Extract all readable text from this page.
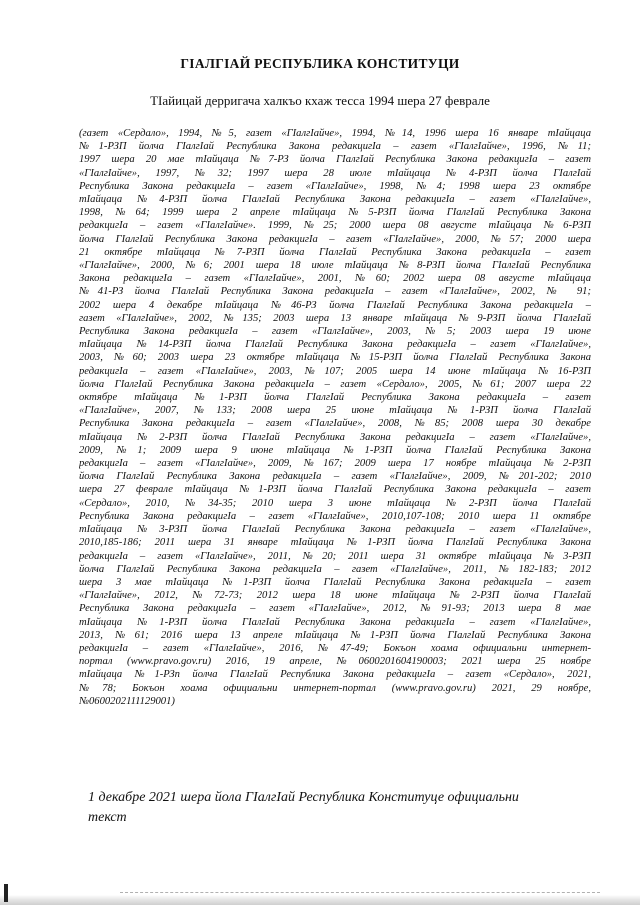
ГIАЛГIАЙ РЕСПУБЛИКА КОНСТИТУЦИ
ТIайицай дерригача халкъо кхаж тесса 1994 шера 27 феврале
(газет «Сердало», 1994, №5, газет «ГIалгIайче», 1994, №14, 1996 шера 16 январе тIайцаца
№1-РЗП йолча ГIалгIай Республика Закона редакцигIа – газет «ГIалгIайче», 1996, №11;
1997 шера 20 мае тIайцаца №7-РЗ йолча ГIалгIай Республика Закона редакцигIа – газет
«ГIалгIайче», 1997, №32; 1997 шера 28 июле тIайцаца №4-РЗП йолча ГIалгIай
Республика Закона редакцигIа – газет «ГIалгIайче», 1998, №4; 1998 шера 23 октябре
тIайцаца №4-РЗП йолча ГIалгIай Республика Закона редакцигIа – газет «ГIалгIайче»,
1998, №64; 1999 шера 2 апреле тIайцаца №5-РЗП йолча ГIалгIай Республика Закона
редакцигIа – газет «ГIалгIайче». 1999, №25; 2000 шера 08 августе тIайцаца №6-РЗП
йолча ГIалгIай Республика Закона редакцигIа – газет «ГIалгIайче», 2000, №57; 2000 шера
21 октябре тIайцаца №7-РЗП йолча ГIалгIай Республика Закона редакцигIа – газет
«ГIалгIайче», 2000, №6; 2001 шера 18 июле тIайцаца №8-РЗП йолча ГIалгIай Республика
Закона редакцигIа – газет «ГIалгIайче», 2001, №60; 2002 шера 08 августе тIайцаца
№41-РЗ йолча ГIалгIай Республика Закона редакцигIа – газет «ГIалгIайче», 2002, № 91;
2002 шера 4 декабре тIайцаца №46-РЗ йолча ГIалгIай Республика Закона редакцигIа –
газет «ГIалгIайче», 2002, №135; 2003 шера 13 январе тIайцаца №9-РЗП йолча ГIалгIай
Республика Закона редакцигIа – газет «ГIалгIайче», 2003, №5; 2003 шера 19 июне
тIайцаца №14-РЗП йолча ГIалгIай Республика Закона редакцигIа – газет «ГIалгIайче»,
2003, №60; 2003 шера 23 октябре тIайцаца №15-РЗП йолча ГIалгIай Республика Закона
редакцигIа – газет «ГIалгIайче», 2003, №107; 2005 шера 14 июне тIайцаца №16-РЗП
йолча ГIалгIай Республика Закона редакцигIа – газет «Сердало», 2005, №61; 2007 шера 22
октябре тIайцаца №1-РЗП йолча ГIалгIай Республика Закона редакцигIа – газет
«ГIалгIайче», 2007, №133; 2008 шера 25 июне тIайцаца №1-РЗП йолча ГIалгIай
Республика Закона редакцигIа – газет «ГIалгIайче», 2008, №85; 2008 шера 30 декабре
тIайцаца №2-РЗП йолча ГIалгIай Республика Закона редакцигIа – газет «ГIалгIайче»,
2009, №1; 2009 шера 9 июне тIайцаца №1-РЗП йолча ГIалгIай Республика Закона
редакцигIа – газет «ГIалгIайче», 2009, №167; 2009 шера 17 ноябре тIайцаца №2-РЗП
йолча ГIалгIай Республика Закона редакцигIа – газет «ГIалгIайче», 2009, №201-202; 2010
шера 27 феврале тIайцаца №1-РЗП йолча ГIалгIай Республика Закона редакцигIа – газет
«Сердало», 2010, №34-35; 2010 шера 3 июне тIайцаца №2-РЗП йолча ГIалгIай
Республика Закона редакцигIа – газет «ГIалгIайче», 2010,107-108; 2010 шера 11 октябре
тIайцаца №3-РЗП йолча ГIалгIай Республика Закона редакцигIа – газет «ГIалгIайче»,
2010,185-186; 2011 шера 31 январе тIайцаца №1-РЗП йолча ГIалгIай Республика Закона
редакцигIа – газет «ГIалгIайче», 2011, №20; 2011 шера 31 октябре тIайцаца №3-РЗП
йолча ГIалгIай Республика Закона редакцигIа – газет «ГIалгIайче», 2011, №182-183; 2012
шера 3 мае тIайцаца №1-РЗП йолча ГIалгIай Республика Закона редакцигIа – газет
«ГIалгIайче», 2012, №72-73; 2012 шера 18 июне тIайцаца №2-РЗП йолча ГIалгIай
Республика Закона редакцигIа – газет «ГIалгIайче», 2012, №91-93; 2013 шера 8 мае
тIайцаца №1-РЗП йолча ГIалгIай Республика Закона редакцигIа – газет «ГIалгIайче»,
2013, №61; 2016 шера 13 апреле тIайцаца №1-РЗП йолча ГIалгIай Республика Закона
редакцигIа – газет «ГIалгIайче», 2016, №47-49; Бокъон хоама официальни интернет-
портал (www.pravo.gov.ru) 2016, 19 апреле, №0600201604190003; 2021 шера 25 ноябре
тIайцаца №1-РЗп йолча ГIалгIай Республика Закона редакцигIа – газет «Сердало», 2021,
№78; Бокъон хоама официальни интернет-портал (www.pravo.gov.ru) 2021, 29 ноябре,
№0600202111129001)
1 декабре 2021 шера йола ГIалгIай Республика Конституце официальни
текст
